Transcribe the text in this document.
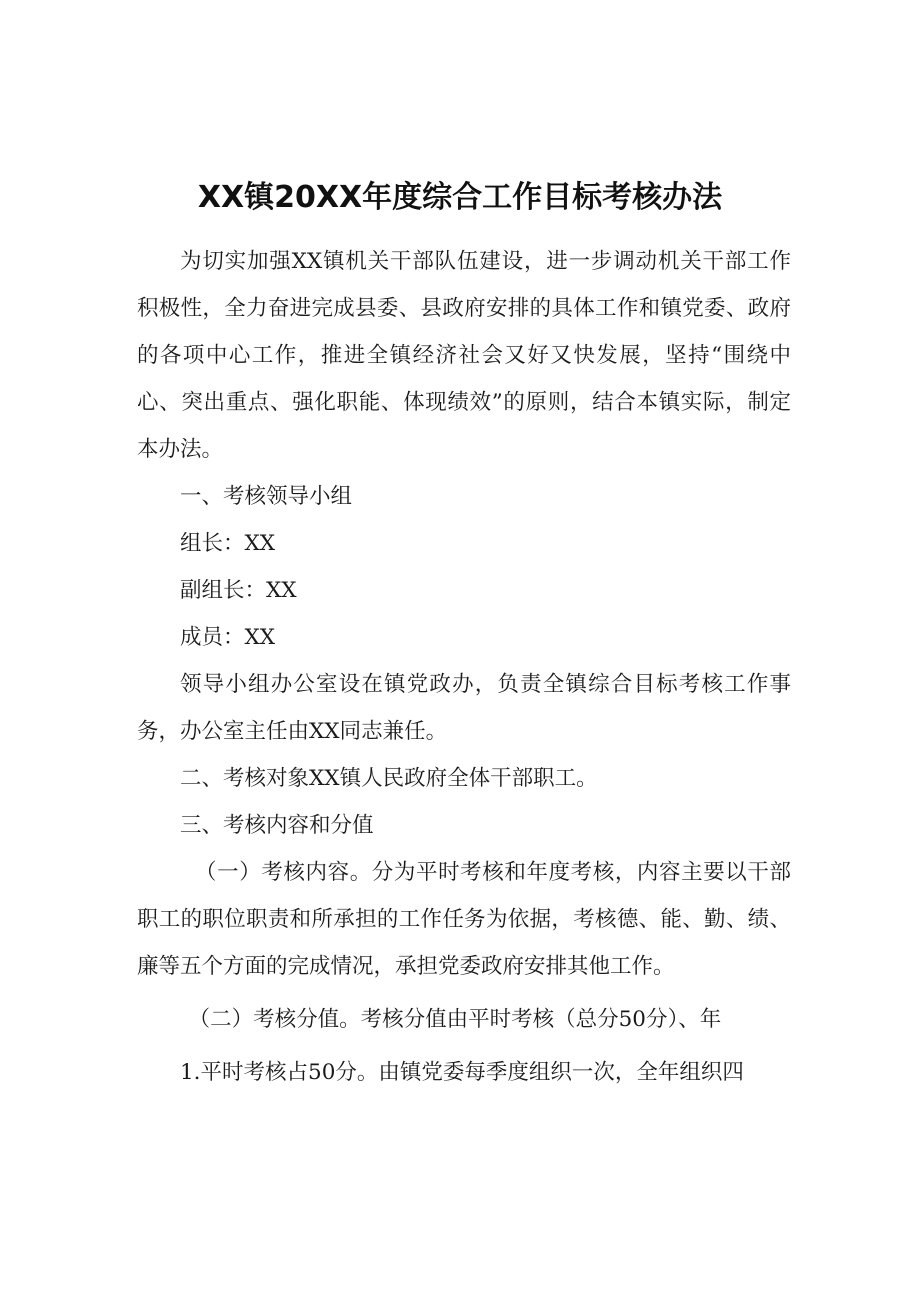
XX镇20XX年度综合工作目标考核办法

为切实加强XX镇机关干部队伍建设，进一步调动机关干部工作积极性，全力奋进完成县委、县政府安排的具体工作和镇党委、政府的各项中心工作，推进全镇经济社会又好又快发展，坚持“围绕中心、突出重点、强化职能、体现绩效”的原则，结合本镇实际，制定本办法。

一、考核领导小组

组长：XX

副组长：XX

成员：XX

领导小组办公室设在镇党政办，负责全镇综合目标考核工作事务，办公室主任由XX同志兼任。

二、考核对象XX镇人民政府全体干部职工。

三、考核内容和分值

（一）考核内容。分为平时考核和年度考核，内容主要以干部职工的职位职责和所承担的工作任务为依据，考核德、能、勤、绩、廉等五个方面的完成情况，承担党委政府安排其他工作。

（二）考核分值。考核分值由平时考核（总分50分）、年

1.平时考核占50分。由镇党委每季度组织一次，全年组织四
